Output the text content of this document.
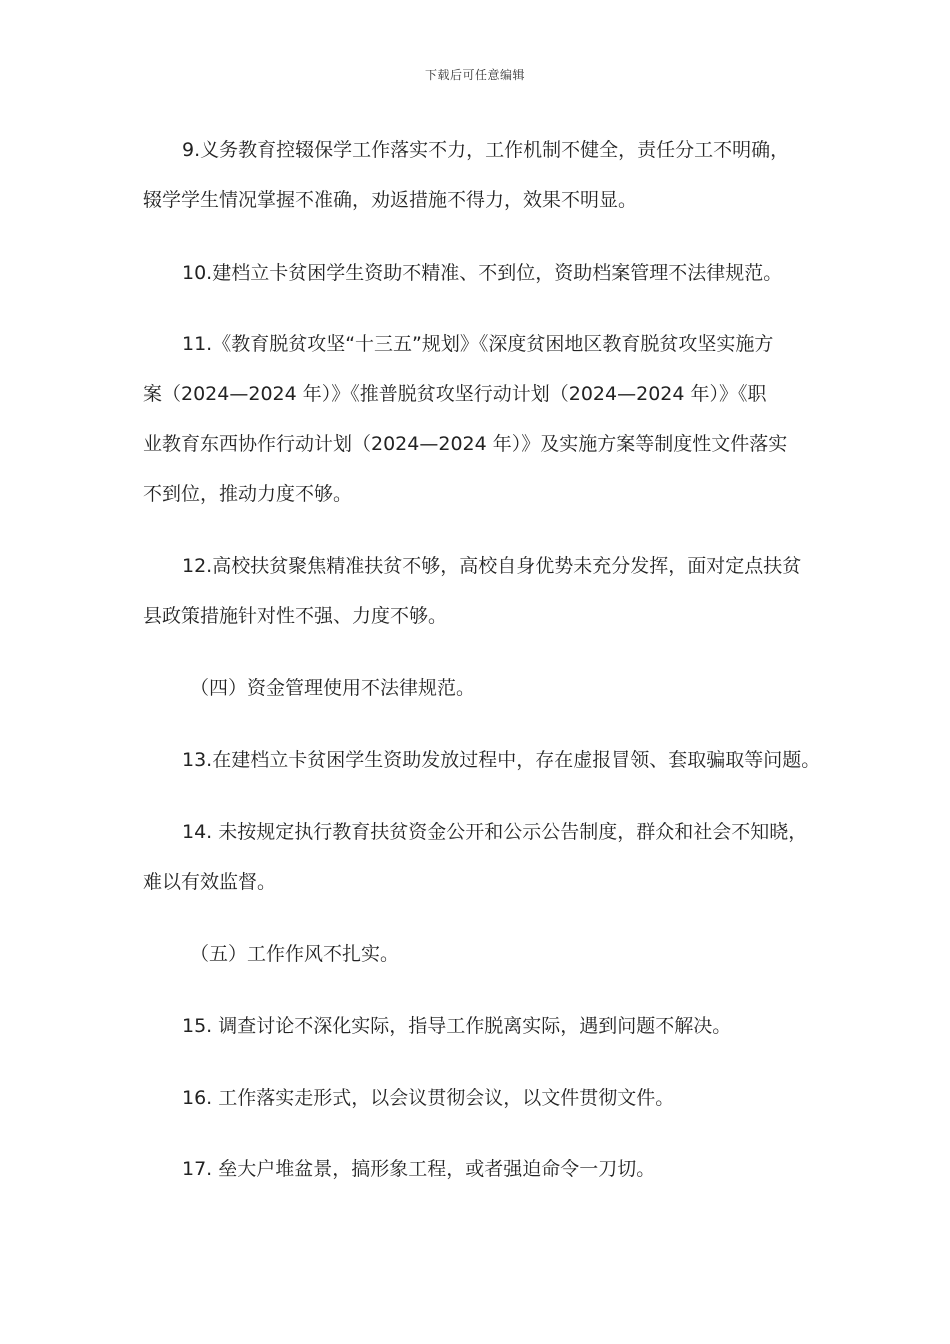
下载后可任意编辑
9.义务教育控辍保学工作落实不力，工作机制不健全，责任分工不明确，
辍学学生情况掌握不准确，劝返措施不得力，效果不明显。
10.建档立卡贫困学生资助不精准、不到位，资助档案管理不法律规范。
11.《教育脱贫攻坚“十三五”规划》《深度贫困地区教育脱贫攻坚实施方
案（2024—2024 年）》《推普脱贫攻坚行动计划（2024—2024 年）》《职
业教育东西协作行动计划（2024—2024 年）》及实施方案等制度性文件落实
不到位，推动力度不够。
12.高校扶贫聚焦精准扶贫不够，高校自身优势未充分发挥，面对定点扶贫
县政策措施针对性不强、力度不够。
（四）资金管理使用不法律规范。
13.在建档立卡贫困学生资助发放过程中，存在虚报冒领、套取骗取等问题。
14. 未按规定执行教育扶贫资金公开和公示公告制度，群众和社会不知晓，
难以有效监督。
（五）工作作风不扎实。
15. 调查讨论不深化实际，指导工作脱离实际，遇到问题不解决。
16. 工作落实走形式，以会议贯彻会议，以文件贯彻文件。
17. 垒大户堆盆景，搞形象工程，或者强迫命令一刀切。
